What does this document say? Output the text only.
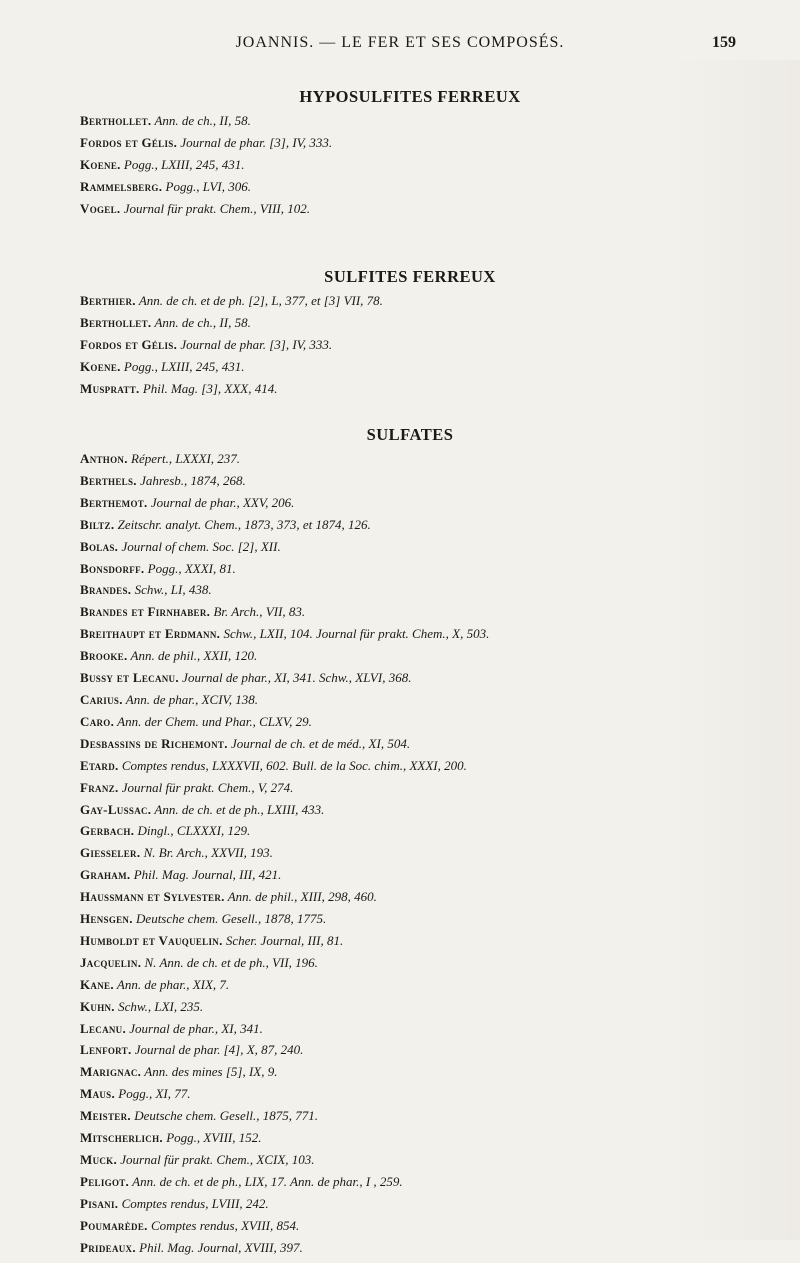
JOANNIS. — LE FER ET SES COMPOSÉS.	159
HYPOSULFITES FERREUX
Berthollet. Ann. de ch., II, 58.
Fordos et Gélis. Journal de phar. [3], IV, 333.
Koene. Pogg., LXIII, 245, 431.
Rammelsberg. Pogg., LVI, 306.
Vogel. Journal für prakt. Chem., VIII, 102.
SULFITES FERREUX
Berthier. Ann. de ch. et de ph. [2], L, 377, et [3] VII, 78.
Berthollet. Ann. de ch., II, 58.
Fordos et Gélis. Journal de phar. [3], IV, 333.
Koene. Pogg., LXIII, 245, 431.
Muspratt. Phil. Mag. [3], XXX, 414.
SULFATES
Anthon. Répert., LXXXI, 237.
Berthels. Jahresb., 1874, 268.
Berthemot. Journal de phar., XXV, 206.
Biltz. Zeitschr. analyt. Chem., 1873, 373, et 1874, 126.
Bolas. Journal of chem. Soc. [2], XII.
Bonsdorff. Pogg., XXXI, 81.
Brandes. Schw., LI, 438.
Brandes et Firnhaber. Br. Arch., VII, 83.
Breithaupt et Erdmann. Schw., LXII, 104. Journal für prakt. Chem., X, 503.
Brooke. Ann. de phil., XXII, 120.
Bussy et Lecanu. Journal de phar., XI, 341. Schw., XLVI, 368.
Carius. Ann. de phar., XCIV, 138.
Caro. Ann. der Chem. und Phar., CLXV, 29.
Desbassins de Richemont. Journal de ch. et de méd., XI, 504.
Etard. Comptes rendus, LXXXVII, 602. Bull. de la Soc. chim., XXXI, 200.
Franz. Journal für prakt. Chem., V, 274.
Gay-Lussac. Ann. de ch. et de ph., LXIII, 433.
Gerbach. Dingl., CLXXXI, 129.
Giesseler. N. Br. Arch., XXVII, 193.
Graham. Phil. Mag. Journal, III, 421.
Haussmann et Sylvester. Ann. de phil., XIII, 298, 460.
Hensgen. Deutsche chem. Gesell., 1878, 1775.
Humboldt et Vauquelin. Scher. Journal, III, 81.
Jacquelin. N. Ann. de ch. et de ph., VII, 196.
Kane. Ann. de phar., XIX, 7.
Kuhn. Schw., LXI, 235.
Lecanu. Journal de phar., XI, 341.
Lenfort. Journal de phar. [4], X, 87, 240.
Marignac. Ann. des mines [5], IX, 9.
Maus. Pogg., XI, 77.
Meister. Deutsche chem. Gesell., 1875, 771.
Mitscherlich. Pogg., XVIII, 152.
Muck. Journal für prakt. Chem., XCIX, 103.
Peligot. Ann. de ch. et de ph., LIX, 17. Ann. de phar., I , 259.
Pisani. Comptes rendus, LVIII, 242.
Poumarède. Comptes rendus, XVIII, 854.
Prideaux. Phil. Mag. Journal, XVIII, 397.
